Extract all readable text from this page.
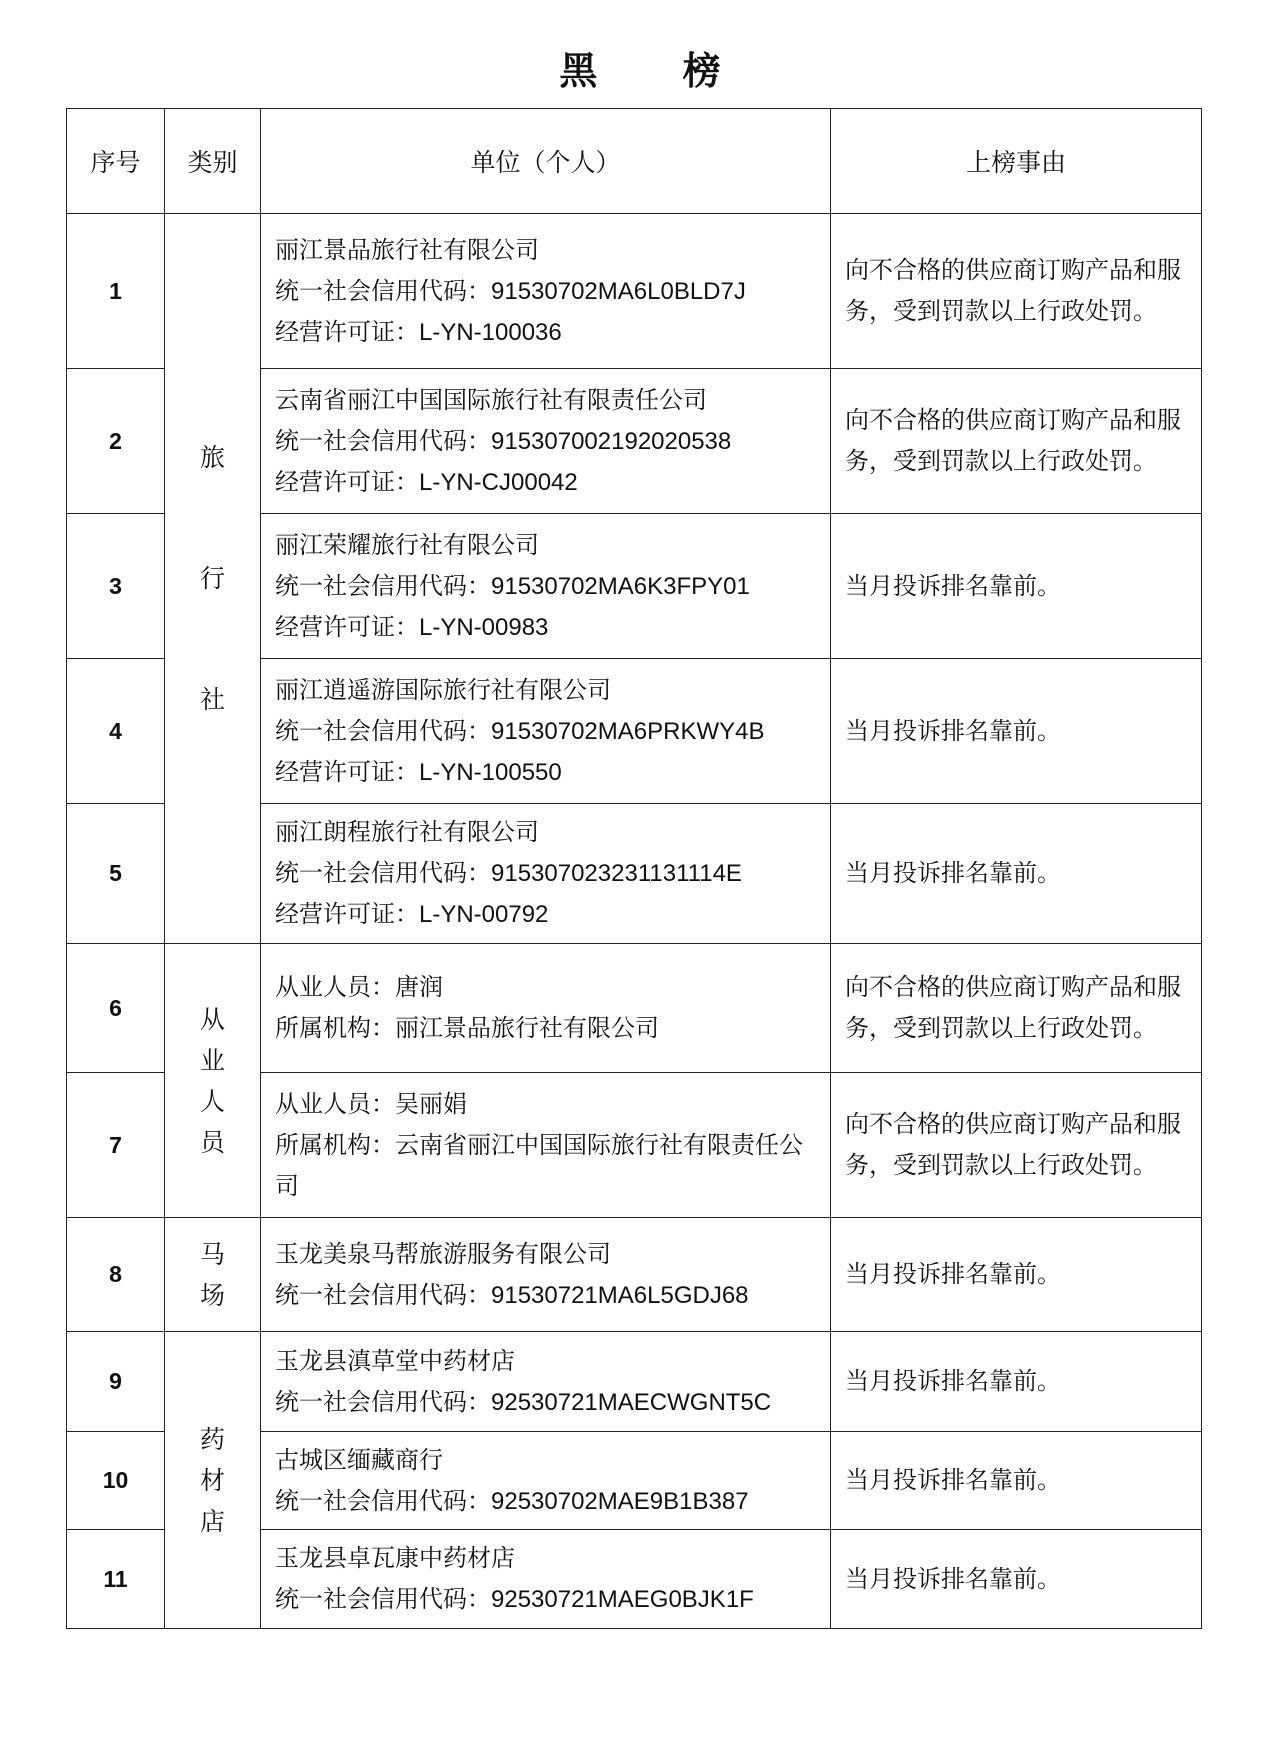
黑 榜
序号	类别	单位（个人）	上榜事由
1	旅
行
社	丽江景品旅行社有限公司
统一社会信用代码：91530702MA6L0BLD7J
经营许可证：L-YN-100036	向不合格的供应商订购产品和服务，受到罚款以上行政处罚。
2		云南省丽江中国国际旅行社有限责任公司
统一社会信用代码：915307002192020538
经营许可证：L-YN-CJ00042	向不合格的供应商订购产品和服务，受到罚款以上行政处罚。
3		丽江荣耀旅行社有限公司
统一社会信用代码：91530702MA6K3FPY01
经营许可证：L-YN-00983	当月投诉排名靠前。
4		丽江逍遥游国际旅行社有限公司
统一社会信用代码：91530702MA6PRKWY4B
经营许可证：L-YN-100550	当月投诉排名靠前。
5		丽江朗程旅行社有限公司
统一社会信用代码：915307023231131114E
经营许可证：L-YN-00792	当月投诉排名靠前。
6	从
业
人
员	从业人员：唐润
所属机构：丽江景品旅行社有限公司	向不合格的供应商订购产品和服务，受到罚款以上行政处罚。
7		从业人员：吴丽娟
所属机构：云南省丽江中国国际旅行社有限责任公司	向不合格的供应商订购产品和服务，受到罚款以上行政处罚。
8	马
场	玉龙美泉马帮旅游服务有限公司
统一社会信用代码：91530721MA6L5GDJ68	当月投诉排名靠前。
9	药
材
店	玉龙县滇草堂中药材店
统一社会信用代码：92530721MAECWGNT5C	当月投诉排名靠前。
10		古城区缅藏商行
统一社会信用代码：92530702MAE9B1B387	当月投诉排名靠前。
11		玉龙县卓瓦康中药材店
统一社会信用代码：92530721MAEG0BJK1F	当月投诉排名靠前。
